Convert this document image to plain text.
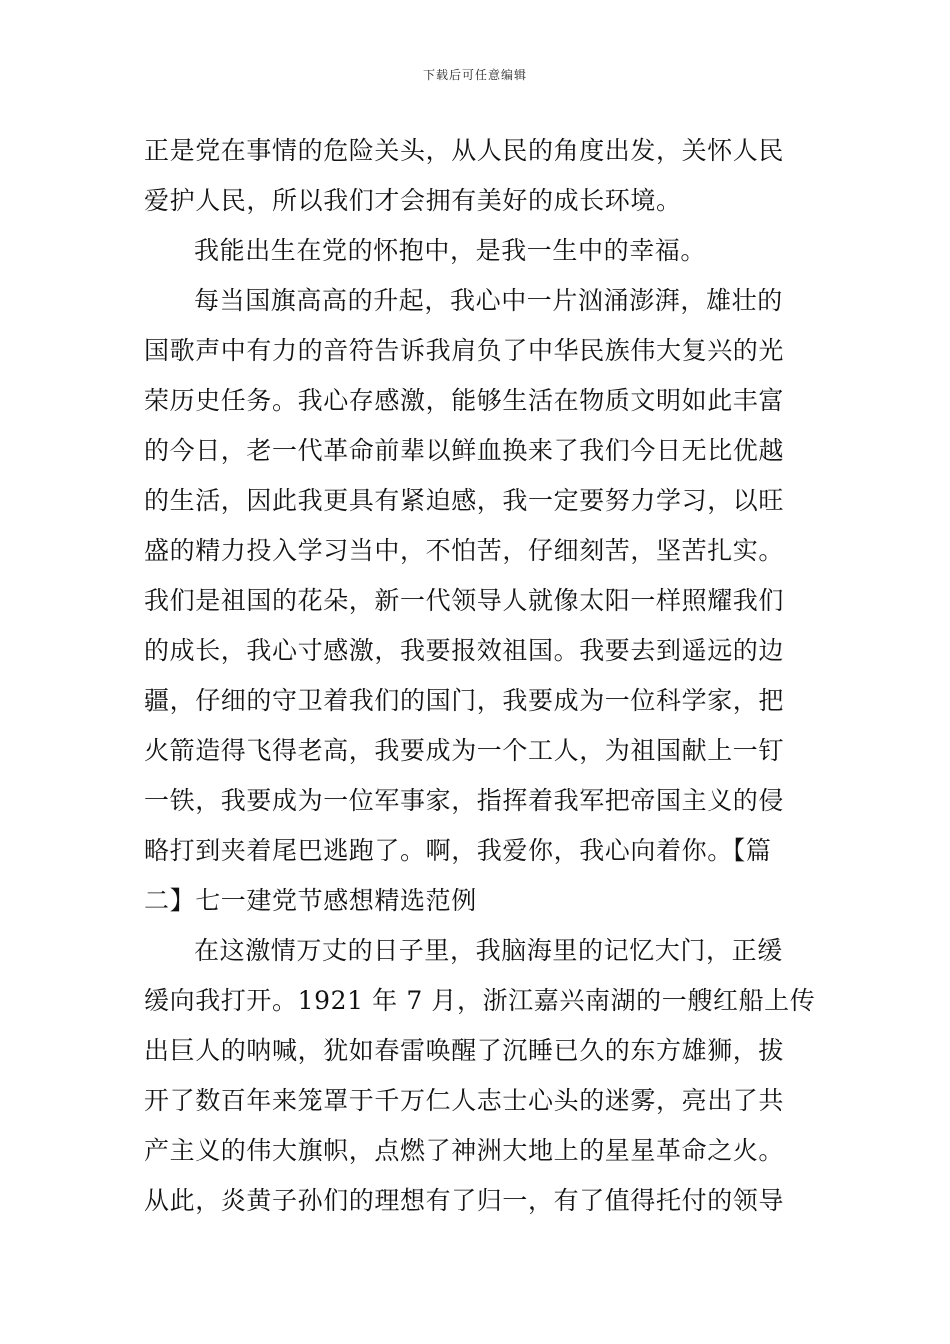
下载后可任意编辑
正是党在事情的危险关头，从人民的角度出发，关怀人民
爱护人民，所以我们才会拥有美好的成长环境。
我能出生在党的怀抱中，是我一生中的幸福。
每当国旗高高的升起，我心中一片汹涌澎湃，雄壮的
国歌声中有力的音符告诉我肩负了中华民族伟大复兴的光
荣历史任务。我心存感激，能够生活在物质文明如此丰富
的今日，老一代革命前辈以鲜血换来了我们今日无比优越
的生活，因此我更具有紧迫感，我一定要努力学习，以旺
盛的精力投入学习当中，不怕苦，仔细刻苦，坚苦扎实。
我们是祖国的花朵，新一代领导人就像太阳一样照耀我们
的成长，我心寸感激，我要报效祖国。我要去到遥远的边
疆，仔细的守卫着我们的国门，我要成为一位科学家，把
火箭造得飞得老高，我要成为一个工人，为祖国献上一钉
一铁，我要成为一位军事家，指挥着我军把帝国主义的侵
略打到夹着尾巴逃跑了。啊，我爱你，我心向着你。【篇
二】七一建党节感想精选范例
在这激情万丈的日子里，我脑海里的记忆大门，正缓
缓向我打开。1921 年 7 月，浙江嘉兴南湖的一艘红船上传
出巨人的呐喊，犹如春雷唤醒了沉睡已久的东方雄狮，拔
开了数百年来笼罩于千万仁人志士心头的迷雾，亮出了共
产主义的伟大旗帜，点燃了神洲大地上的星星革命之火。
从此，炎黄子孙们的理想有了归一，有了值得托付的领导
